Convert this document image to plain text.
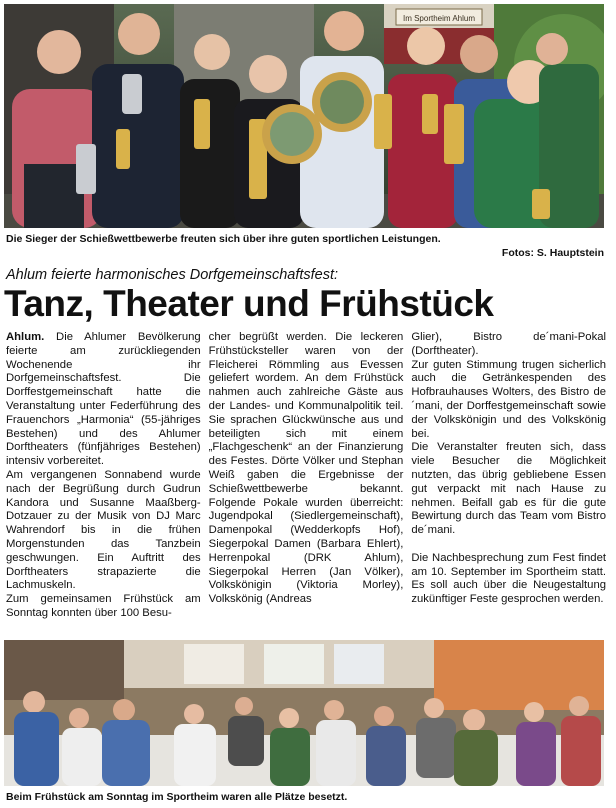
Im Sportheim Ahlum
Die Sieger der Schießwettbewerbe freuten sich über ihre guten sportlichen Leistungen.
Fotos: S. Hauptstein
Ahlum feierte harmonisches Dorfgemeinschaftsfest:
Tanz, Theater und Frühstück

Ahlum. Die Ahlumer Bevölkerung feierte am zurückliegenden Wochenende ihr Dorfgemeinschaftsfest. Die Dorffestgemeinschaft hatte die Veranstaltung unter Federführung des Frauenchors „Harmonia“ (55-jähriges Bestehen) und des Ahlumer Dorftheaters (fünfjähriges Bestehen) intensiv vorbereitet.

Am vergangenen Sonnabend wurde nach der Begrüßung durch Gudrun Kandora und Susanne Maaßberg-Dotzauer zu der Musik von DJ Marc Wahrendorf bis in die frühen Morgenstunden das Tanzbein geschwungen. Ein Auftritt des Dorftheaters strapazierte die Lachmuskeln.

Zum gemeinsamen Frühstück am Sonntag konnten über 100 Besu-

cher begrüßt werden. Die leckeren Frühstücksteller waren von der Fleicherei Römmling aus Evessen geliefert wordem. An dem Frühstück nahmen auch zahlreiche Gäste aus der Landes- und Kommunalpolitik teil. Sie sprachen Glückwünsche aus und beteiligten sich mit einem „Flachgeschenk“ an der Finanzierung des Festes. Dörte Völker und Stephan Weiß gaben die Ergebnisse der Schießwettbewerbe bekannt. Folgende Pokale wurden überreicht: Jugendpokal (Siedlergemeinschaft), Damenpokal (Wedderkopfs Hof), Siegerpokal Damen (Barbara Ehlert), Herrenpokal (DRK Ahlum), Siegerpokal Herren (Jan Völker), Volkskönigin (Viktoria Morley), Volkskönig (Andreas

Glier), Bistro de´mani-Pokal (Dorftheater).

Zur guten Stimmung trugen sicherlich auch die Getränkespenden des Hofbrauhauses Wolters, des Bistro de´mani, der Dorffestgemeinschaft sowie der Volkskönigin und des Volkskönig bei.

Die Veranstalter freuten sich, dass viele Besucher die Möglichkeit nutzten, das übrig gebliebene Essen gut verpackt mit nach Hause zu nehmen. Beifall gab es für die gute Bewirtung durch das Team vom Bistro de´mani.

Die Nachbesprechung zum Fest findet am 10. September im Sportheim statt. Es soll auch über die Neugestaltung zukünftiger Feste gesprochen werden.

Beim Frühstück am Sonntag im Sportheim waren alle Plätze besetzt.
